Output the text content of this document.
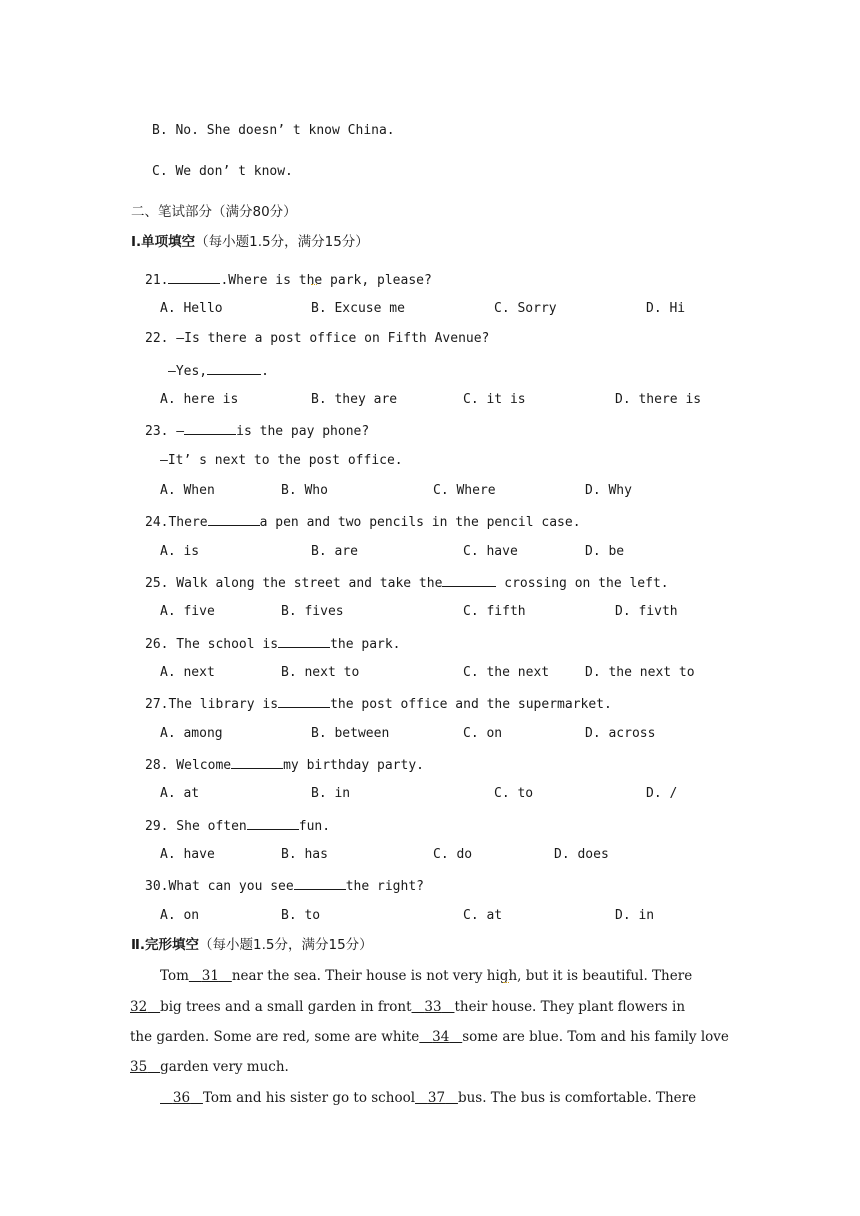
B. No. She doesn’ t know China.
C. We don’ t know.
二、笔试部分（满分80分）
Ⅰ.单项填空（每小题1.5分，满分15分）
21.	.Where is the park, please?
A. Hello	B. Excuse me	C. Sorry	D. Hi
22. —Is there a post office on Fifth Avenue?
—Yes,	.
A. here is	B. they are	C. it is	D. there is
23. —	is the pay phone?
—It’ s next to the post office.
A. When	B. Who	C. Where	D. Why
24.There	a pen and two pencils in the pencil case.
A. is	B. are	C. have	D. be
25. Walk along the street and take the	crossing on the left.
A. five	B. fives	C. fifth	D. fivth
26. The school is	the park.
A. next	B. next to	C. the next	D. the next to
27.The library is	the post office and the supermarket.
A. among	B. between	C. on	D. across
28. Welcome	my birthday party.
A. at	B. in	C. to	D. /
29. She often	fun.
A. have	B. has	C. do	D. does
30.What can you see	the right?
A. on	B. to	C. at	D. in
Ⅱ.完形填空（每小题1.5分，满分15分）
Tom 31 near the sea. Their house is not very high, but it is beautiful. There
32 big trees and a small garden in front 33 their house. They plant flowers in
the garden. Some are red, some are white 34 some are blue. Tom and his family love
35 garden very much.
36 Tom and his sister go to school 37 bus. The bus is comfortable. There
